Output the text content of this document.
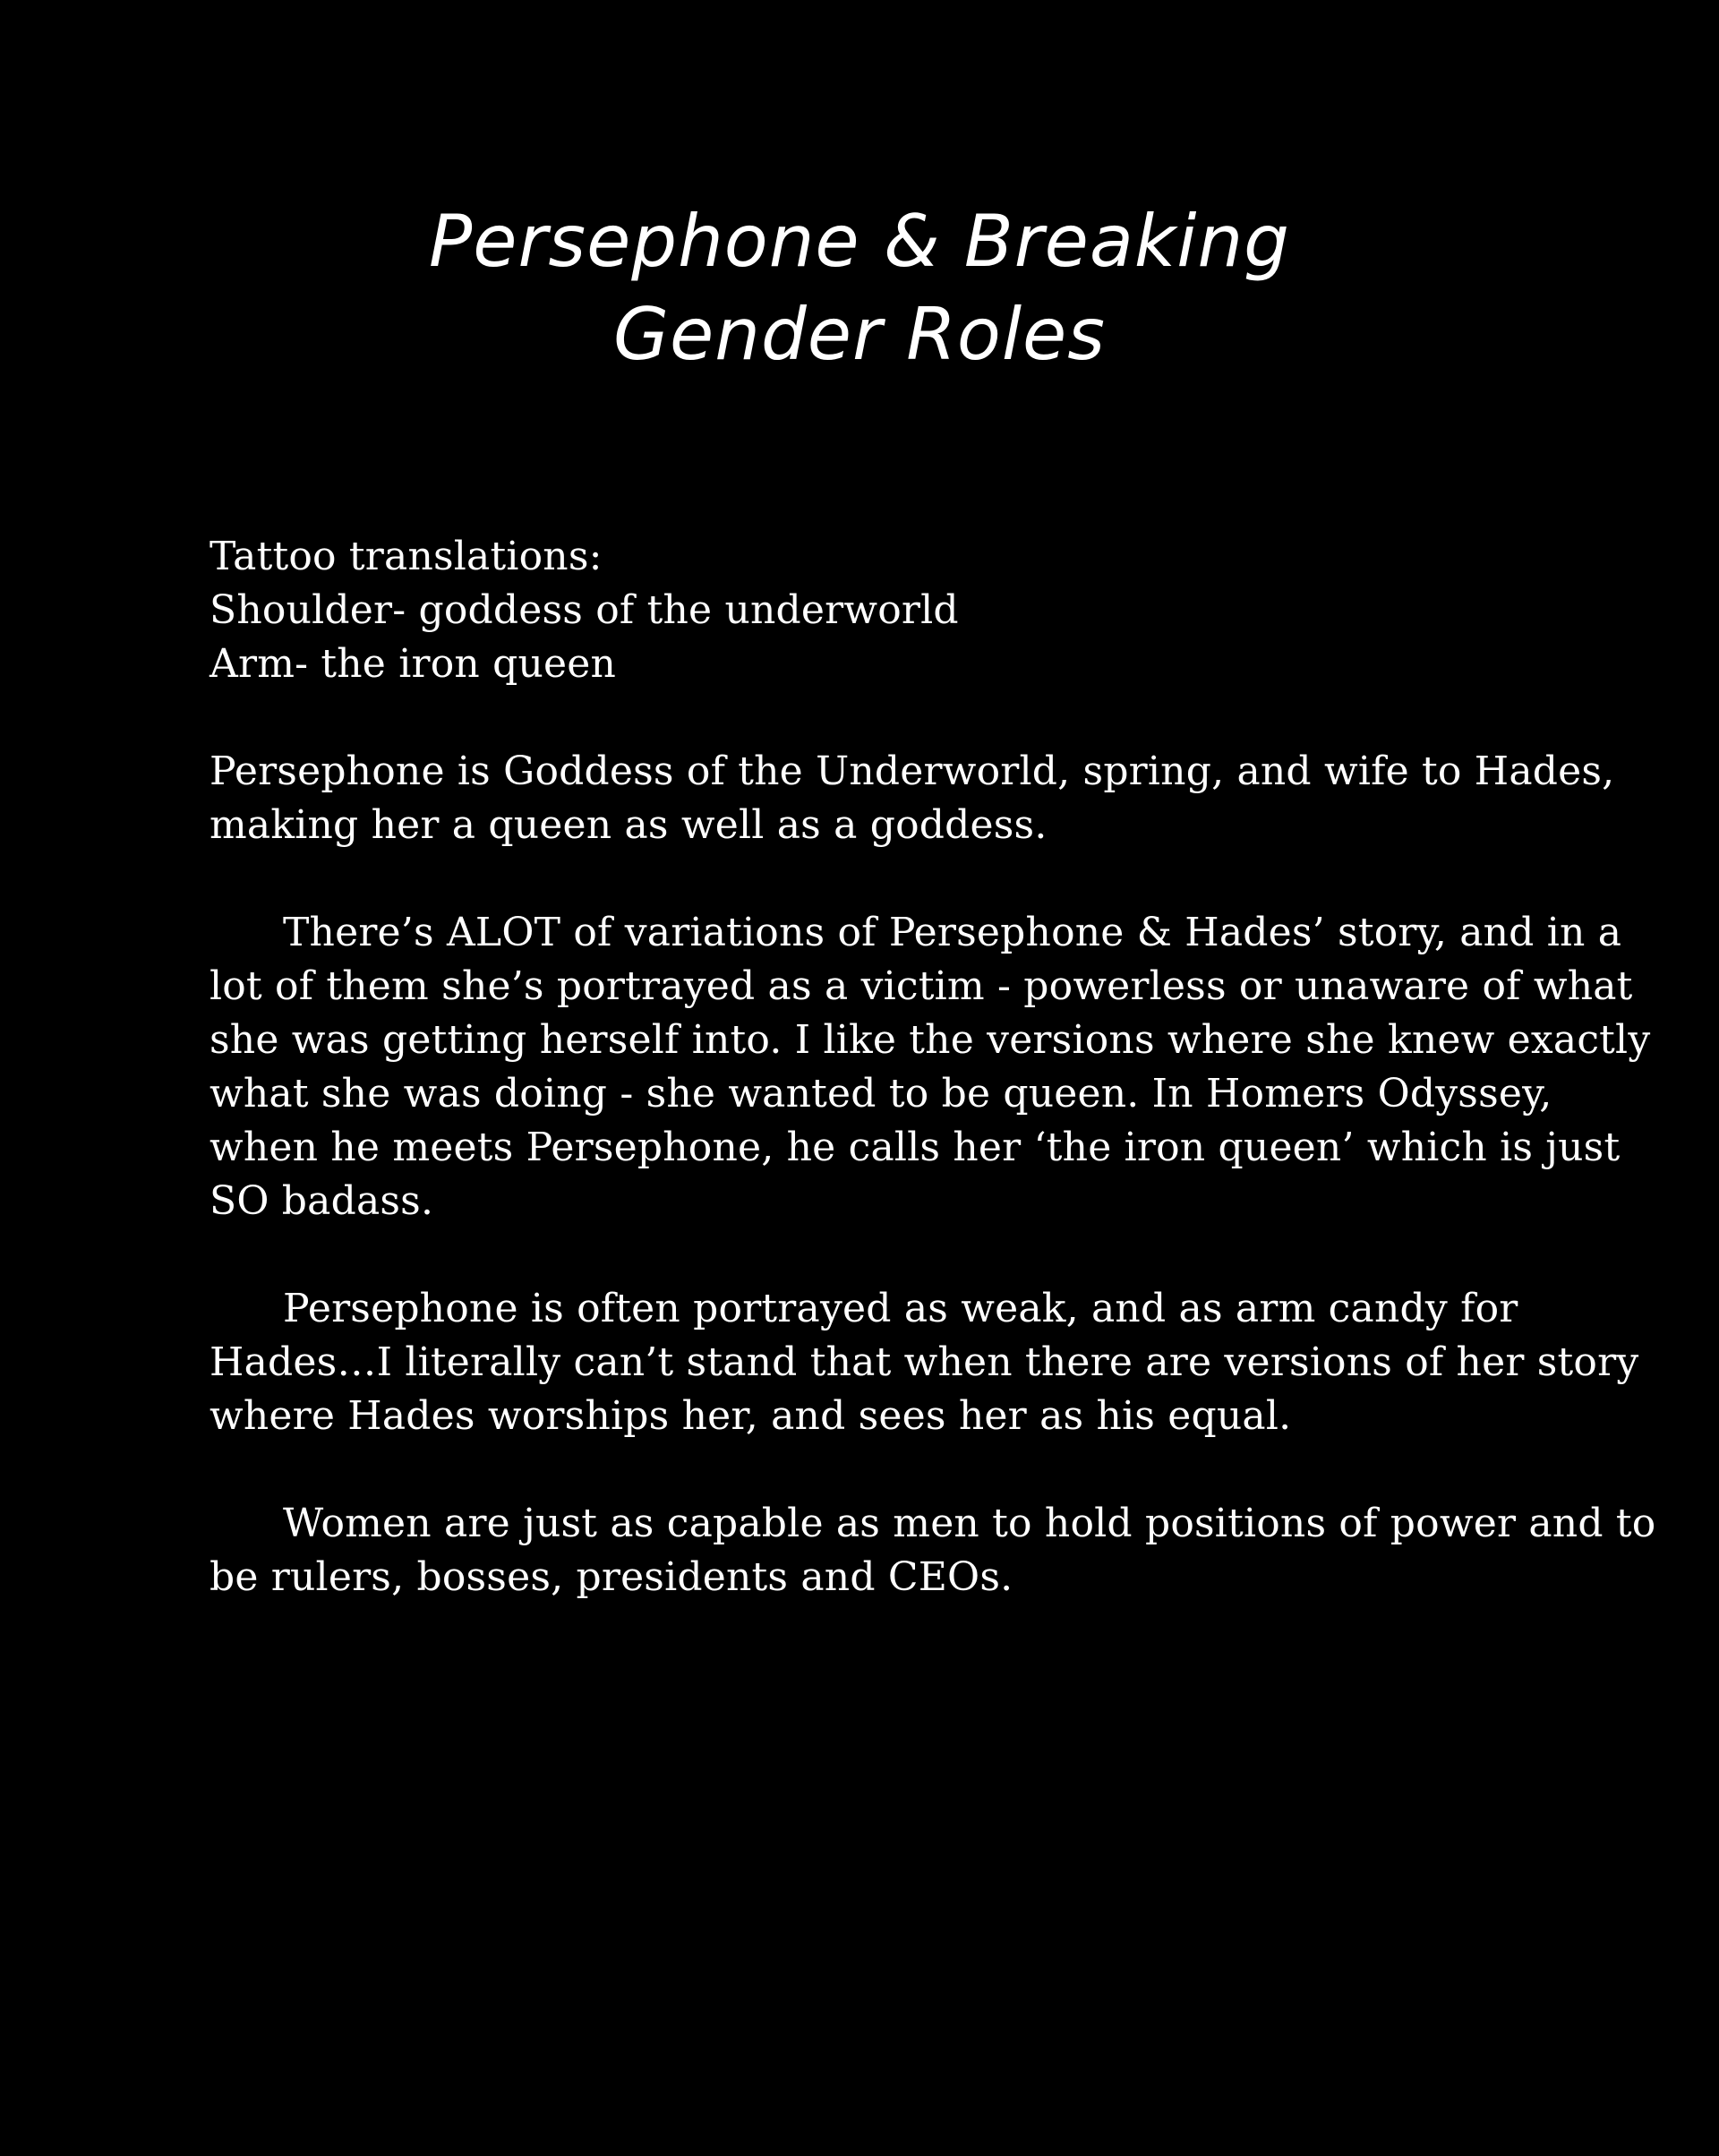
Persephone & Breaking
Gender Roles
Tattoo translations:
Shoulder- goddess of the underworld
Arm- the iron queen
Persephone is Goddess of the Underworld, spring, and wife to Hades,
making her a queen as well as a goddess.
There’s ALOT of variations of Persephone & Hades’ story, and in a
lot of them she’s portrayed as a victim - powerless or unaware of what
she was getting herself into. I like the versions where she knew exactly
what she was doing - she wanted to be queen. In Homers Odyssey,
when he meets Persephone, he calls her ‘the iron queen’ which is just
SO badass.
Persephone is often portrayed as weak, and as arm candy for
Hades…I literally can’t stand that when there are versions of her story
where Hades worships her, and sees her as his equal.
Women are just as capable as men to hold positions of power and to
be rulers, bosses, presidents and CEOs.
